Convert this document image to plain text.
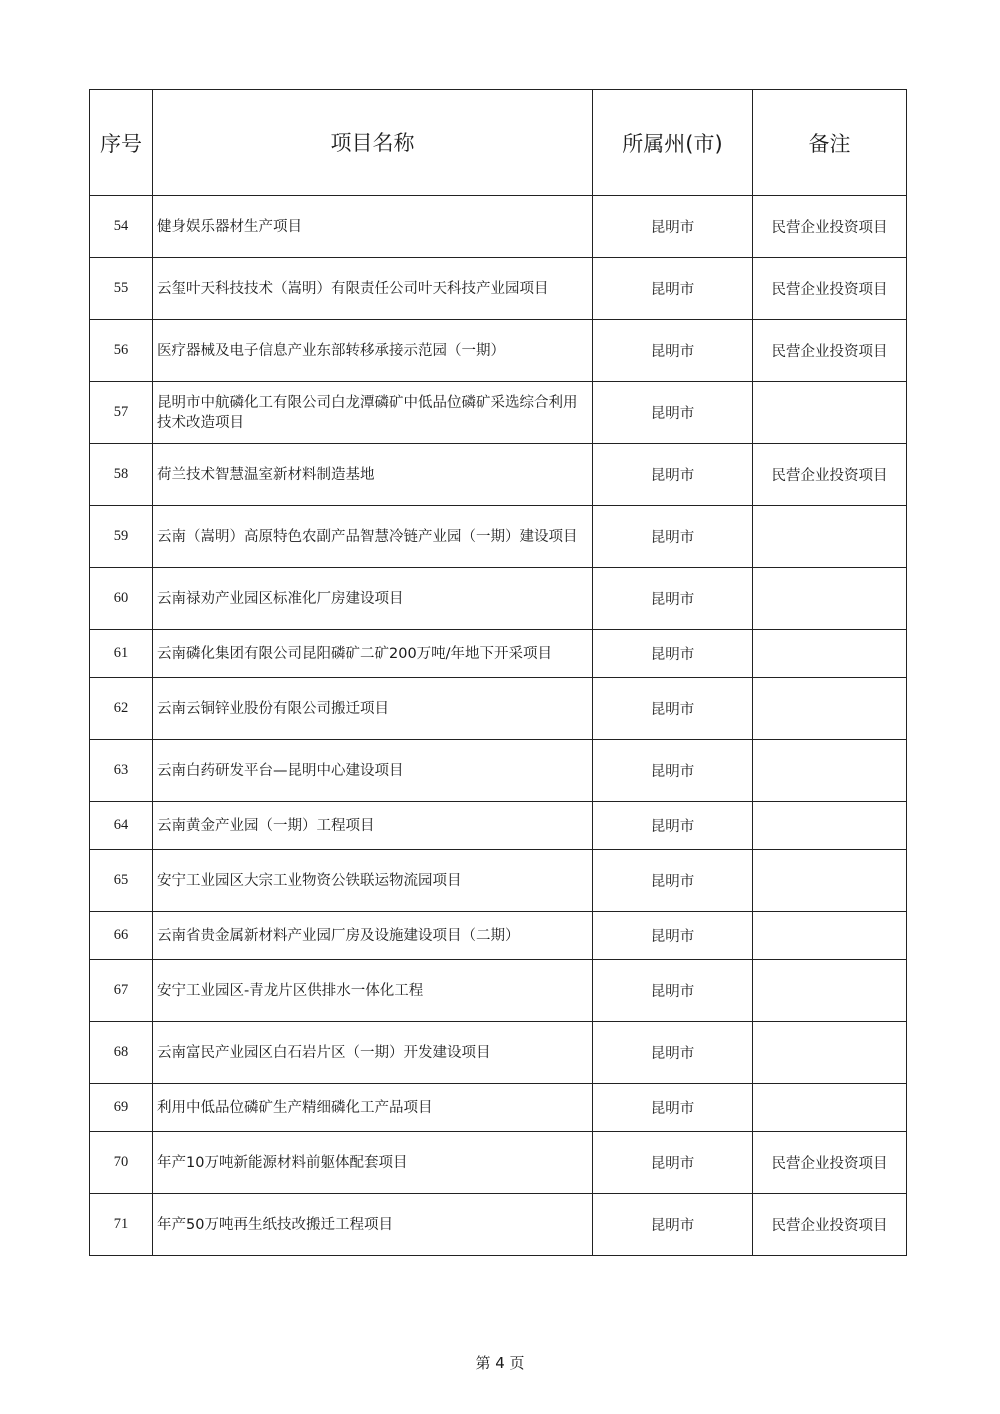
序号	项目名称	所属州(市)	备注
54	健身娱乐器材生产项目	昆明市	民营企业投资项目
55	云玺叶天科技技术（嵩明）有限责任公司叶天科技产业园项目	昆明市	民营企业投资项目
56	医疗器械及电子信息产业东部转移承接示范园（一期）	昆明市	民营企业投资项目
57	昆明市中航磷化工有限公司白龙潭磷矿中低品位磷矿采选综合利用技术改造项目	昆明市	
58	荷兰技术智慧温室新材料制造基地	昆明市	民营企业投资项目
59	云南（嵩明）高原特色农副产品智慧冷链产业园（一期）建设项目	昆明市	
60	云南禄劝产业园区标准化厂房建设项目	昆明市	
61	云南磷化集团有限公司昆阳磷矿二矿200万吨/年地下开采项目	昆明市	
62	云南云铜锌业股份有限公司搬迁项目	昆明市	
63	云南白药研发平台—昆明中心建设项目	昆明市	
64	云南黄金产业园（一期）工程项目	昆明市	
65	安宁工业园区大宗工业物资公铁联运物流园项目	昆明市	
66	云南省贵金属新材料产业园厂房及设施建设项目（二期）	昆明市	
67	安宁工业园区-青龙片区供排水一体化工程	昆明市	
68	云南富民产业园区白石岩片区（一期）开发建设项目	昆明市	
69	利用中低品位磷矿生产精细磷化工产品项目	昆明市	
70	年产10万吨新能源材料前躯体配套项目	昆明市	民营企业投资项目
71	年产50万吨再生纸技改搬迁工程项目	昆明市	民营企业投资项目
第 4 页
